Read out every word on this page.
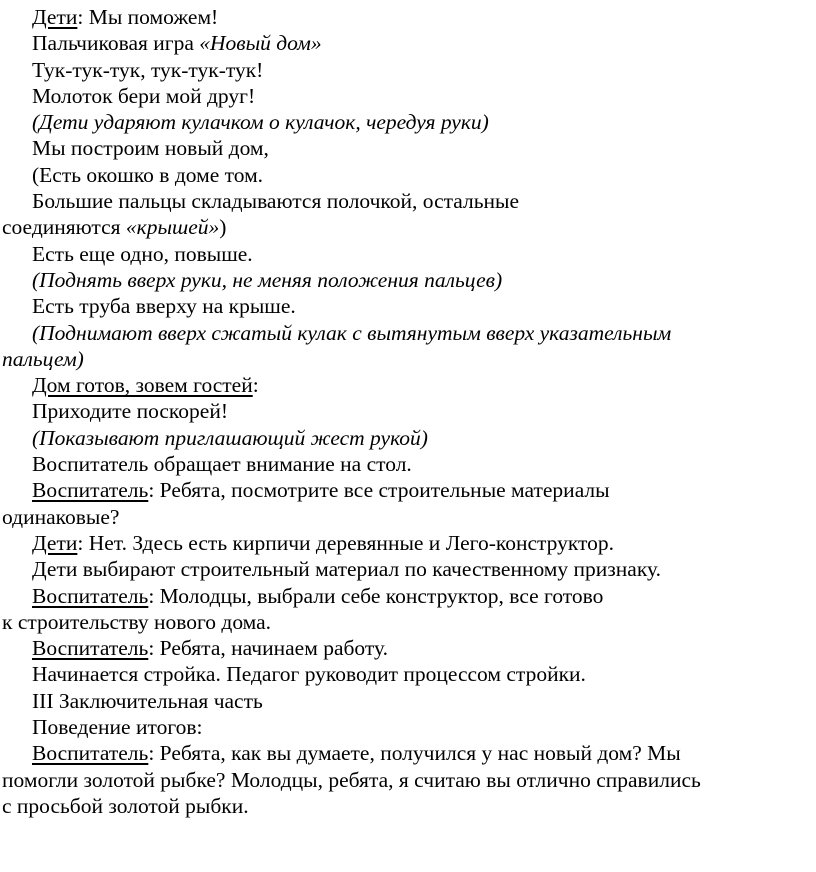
Дети: Мы поможем!

Пальчиковая игра «Новый дом»

Тук-тук-тук, тук-тук-тук!

Молоток бери мой друг!

(Дети ударяют кулачком о кулачок, чередуя руки)

Мы построим новый дом,

(Есть окошко в доме том.

Большие пальцы складываются полочкой, остальные
соединяются «крышей»)

Есть еще одно, повыше.

(Поднять вверх руки, не меняя положения пальцев)

Есть труба вверху на крыше.

(Поднимают вверх сжатый кулак с вытянутым вверх указательным
пальцем)

Дом готов, зовем гостей:

Приходите поскорей!

(Показывают приглашающий жест рукой)

Воспитатель обращает внимание на стол.

Воспитатель: Ребята, посмотрите все строительные материалы
одинаковые?

Дети: Нет. Здесь есть кирпичи деревянные и Лего-конструктор.

Дети выбирают строительный материал по качественному признаку.

Воспитатель: Молодцы, выбрали себе конструктор, все готово
к строительству нового дома.

Воспитатель: Ребята, начинаем работу.

Начинается стройка. Педагог руководит процессом стройки.

III Заключительная часть

Поведение итогов:

Воспитатель: Ребята, как вы думаете, получился у нас новый дом? Мы
помогли золотой рыбке? Молодцы, ребята, я считаю вы отлично справились
с просьбой золотой рыбки.
